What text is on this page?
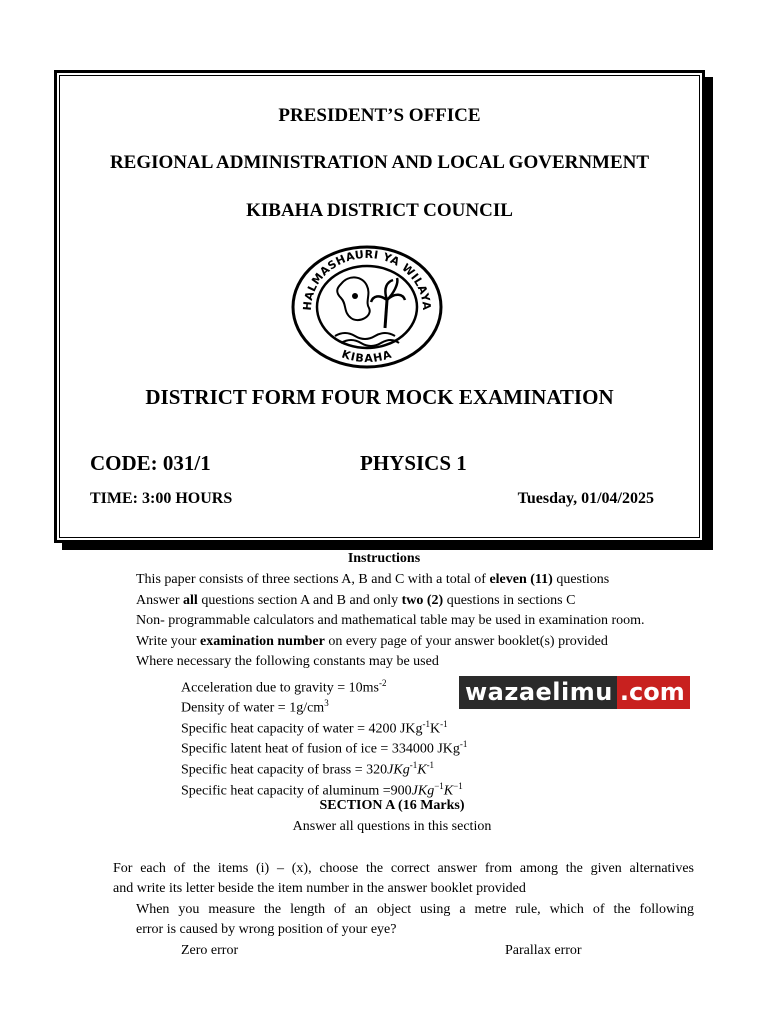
PRESIDENT’S OFFICE
REGIONAL ADMINISTRATION AND LOCAL GOVERNMENT
KIBAHA DISTRICT COUNCIL
HALMASHAURI YA WILAYA
KIBAHA
DISTRICT FORM FOUR MOCK EXAMINATION
CODE: 031/1	PHYSICS 1
TIME: 3:00 HOURS	Tuesday, 01/04/2025
Instructions
This paper consists of three sections A, B and C with a total of eleven (11) questions
Answer all questions section A and B and only two (2) questions in sections C
Non- programmable calculators and mathematical table may be used in examination room.
Write your examination number on every page of your answer booklet(s) provided
Where necessary the following constants may be used
Acceleration due to gravity = $10ms^{-2}$
Density of water = $1g/cm^3$
Specific heat capacity of water = 4200 $JKg^{-1}K^{-1}$
Specific latent heat of fusion of ice = 334000 JKg$^{-1}$
Specific heat capacity of brass = $320JKg^{-1}K^{-1}$
Specific heat capacity of aluminum $=900JKg^{-1}K^{-1}$
wazaelimu .com
SECTION A (16 Marks)
Answer all questions in this section
For each of the items (i) – (x), choose the correct answer from among the given alternatives
and write its letter beside the item number in the answer booklet provided
When you measure the length of an object using a metre rule, which of the following
error is caused by wrong position of your eye?
Zero error	Parallax error
